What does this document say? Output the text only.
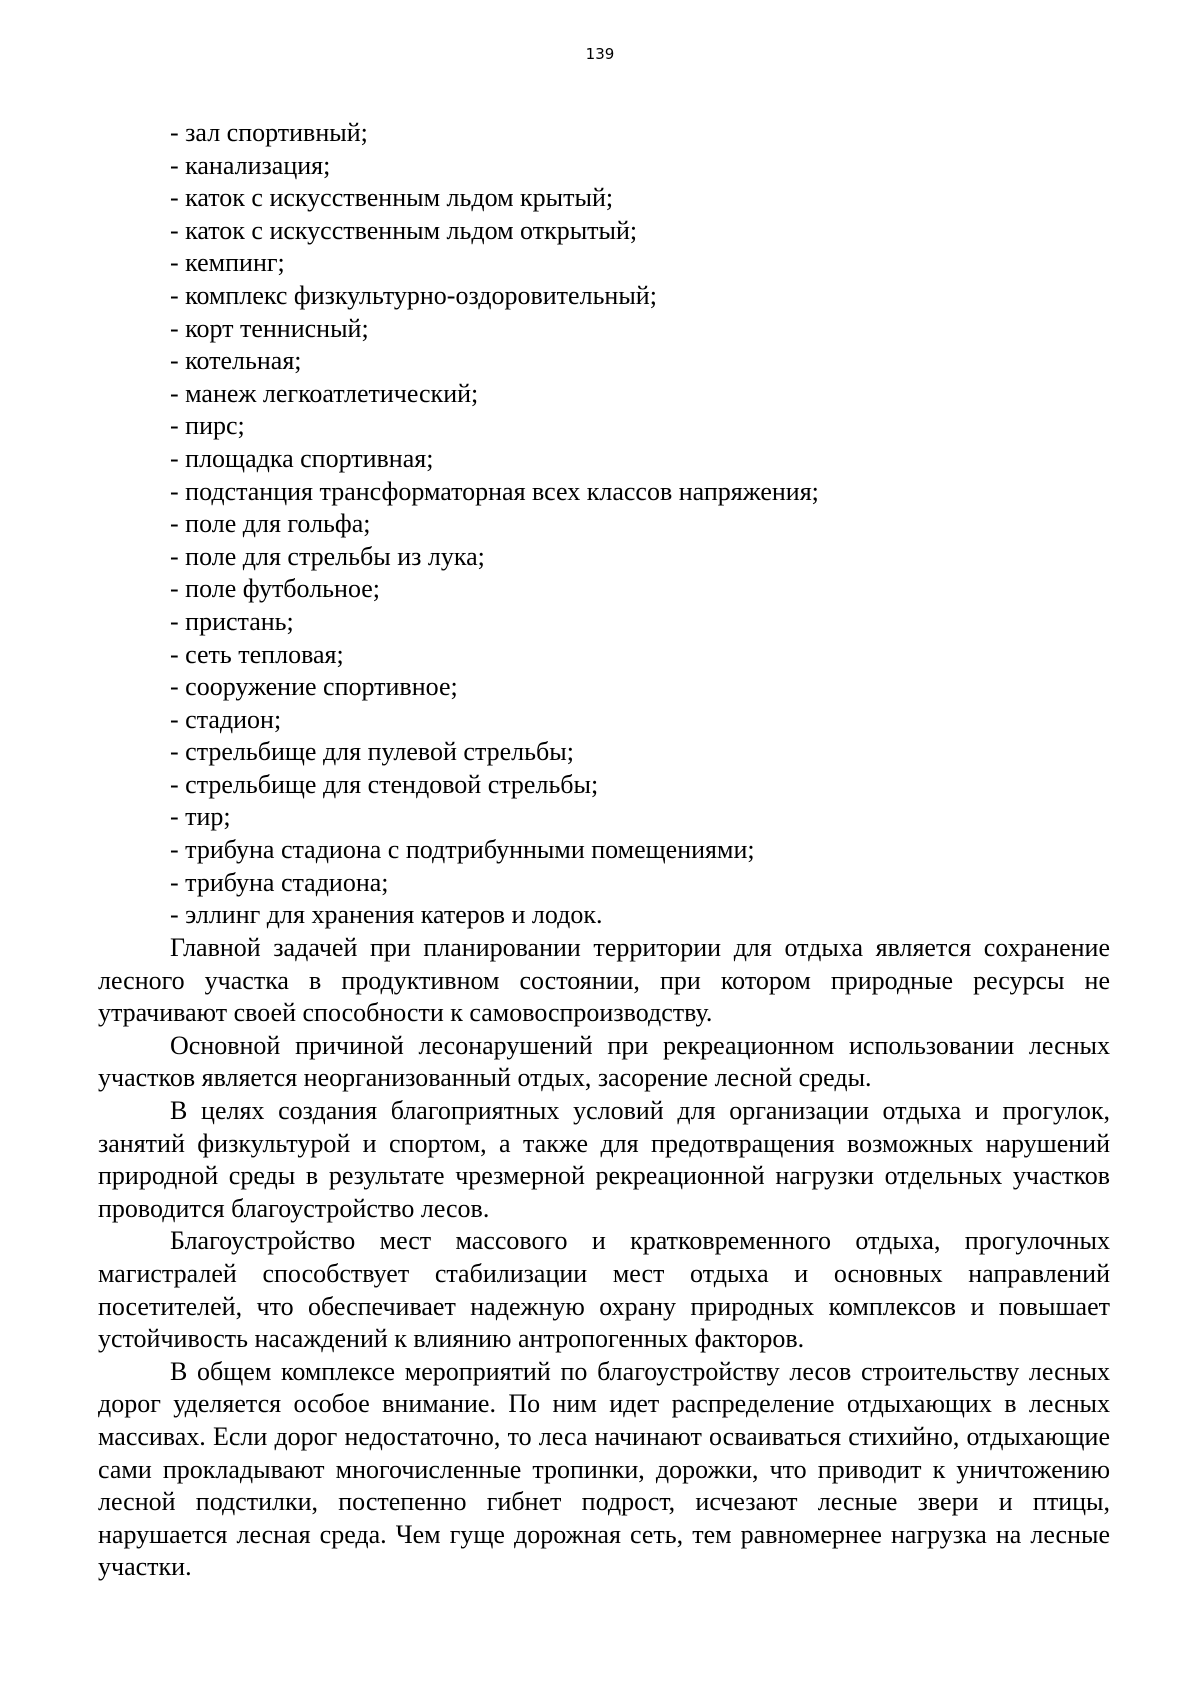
139
- зал спортивный;
- канализация;
- каток с искусственным льдом крытый;
- каток с искусственным льдом открытый;
- кемпинг;
- комплекс физкультурно-оздоровительный;
- корт теннисный;
- котельная;
- манеж легкоатлетический;
- пирс;
- площадка спортивная;
- подстанция трансформаторная всех классов напряжения;
- поле для гольфа;
- поле для стрельбы из лука;
- поле футбольное;
- пристань;
- сеть тепловая;
- сооружение спортивное;
- стадион;
- стрельбище для пулевой стрельбы;
- стрельбище для стендовой стрельбы;
- тир;
- трибуна стадиона с подтрибунными помещениями;
- трибуна стадиона;
- эллинг для хранения катеров и лодок.

Главной задачей при планировании территории для отдыха является сохранение лесного участка в продуктивном состоянии, при котором природные ресурсы не утрачивают своей способности к самовоспроизводству.

Основной причиной лесонарушений при рекреационном использовании лесных участков является неорганизованный отдых, засорение лесной среды.

В целях создания благоприятных условий для организации отдыха и прогулок, занятий физкультурой и спортом, а также для предотвращения возможных нарушений природной среды в результате чрезмерной рекреационной нагрузки отдельных участков проводится благоустройство лесов.

Благоустройство мест массового и кратковременного отдыха, прогулочных магистралей способствует стабилизации мест отдыха и основных направлений посетителей, что обеспечивает надежную охрану природных комплексов и повышает устойчивость насаждений к влиянию антропогенных факторов.

В общем комплексе мероприятий по благоустройству лесов строительству лесных дорог уделяется особое внимание. По ним идет распределение отдыхающих в лесных массивах. Если дорог недостаточно, то леса начинают осваиваться стихийно, отдыхающие сами прокладывают многочисленные тропинки, дорожки, что приводит к уничтожению лесной подстилки, постепенно гибнет подрост, исчезают лесные звери и птицы, нарушается лесная среда. Чем гуще дорожная сеть, тем равномернее нагрузка на лесные участки.
